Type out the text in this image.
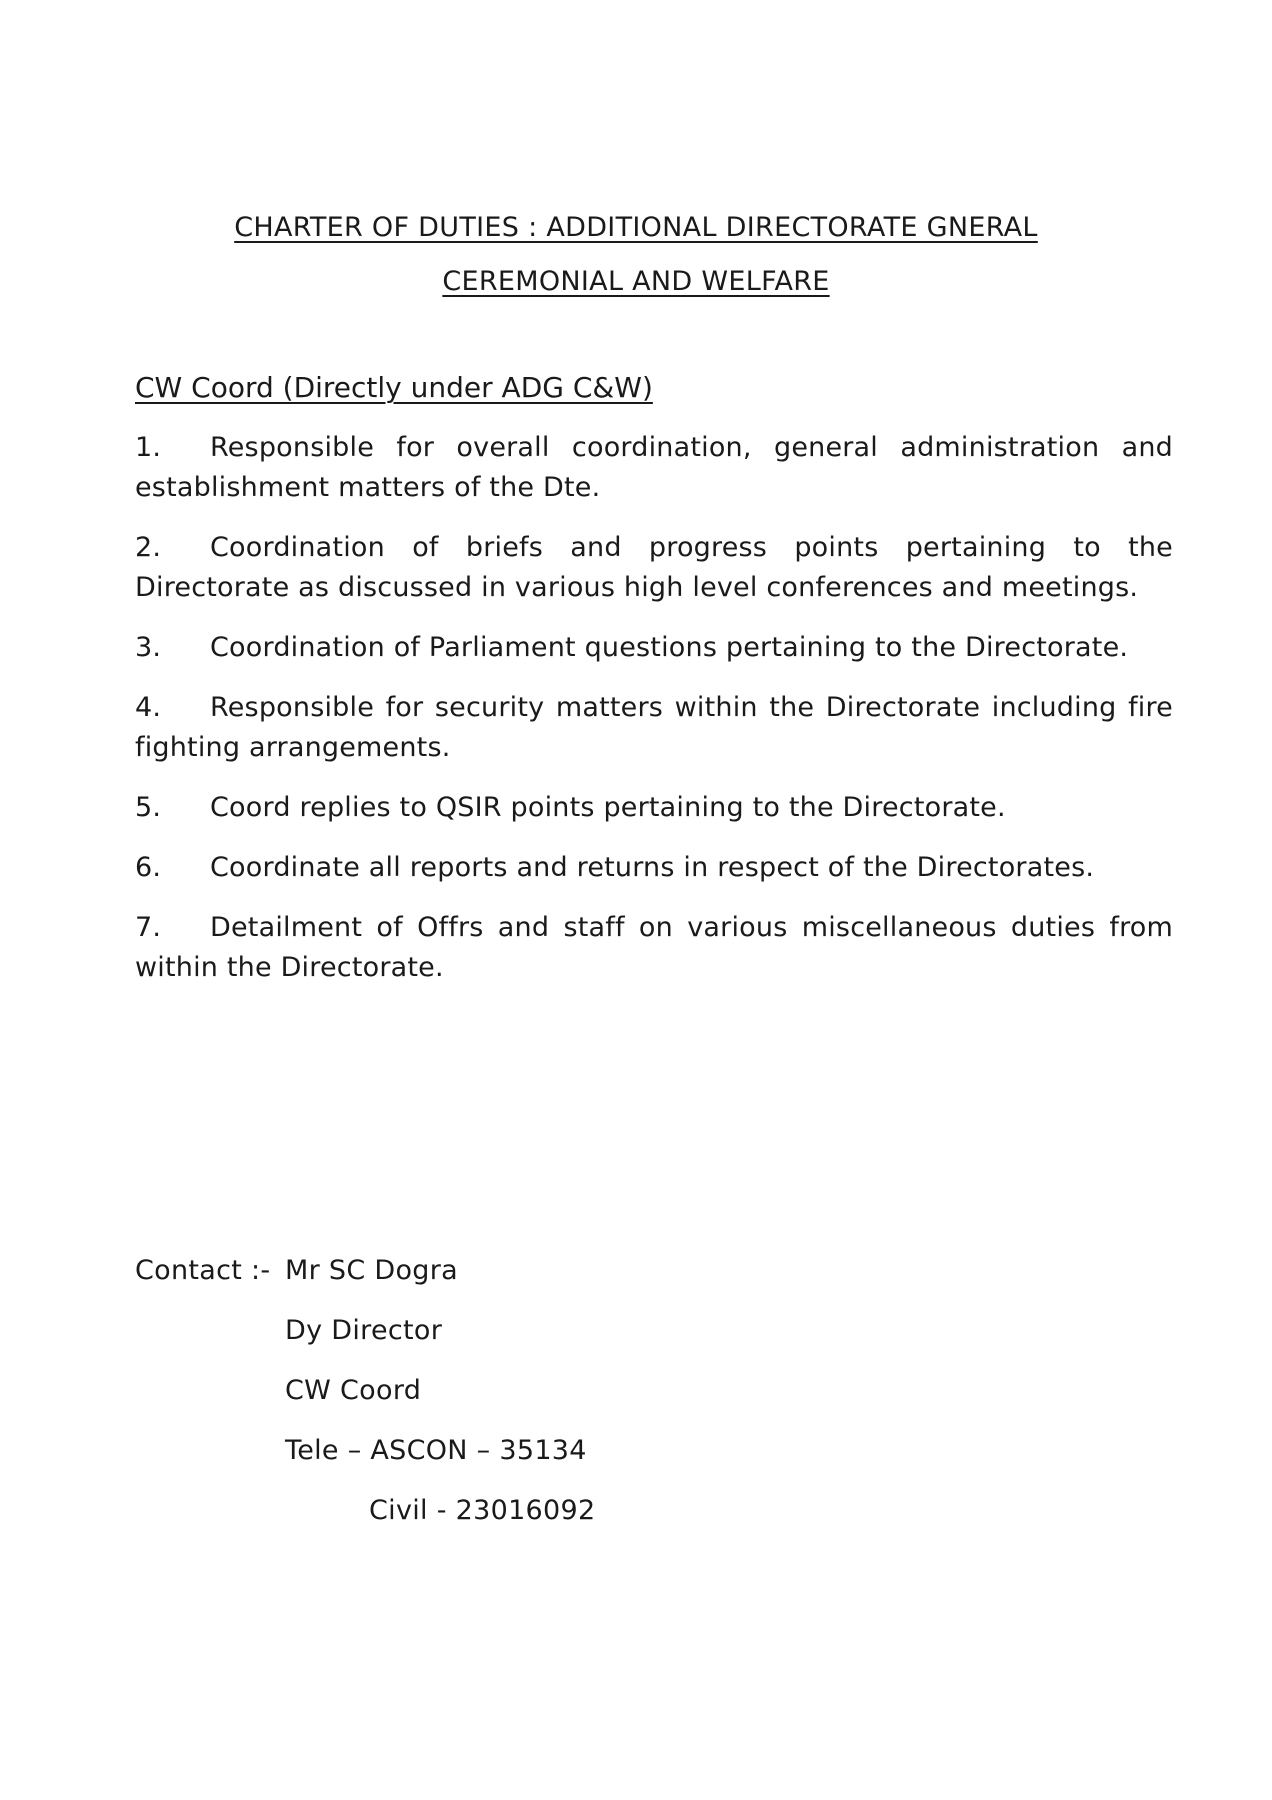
CHARTER OF DUTIES : ADDITIONAL DIRECTORATE GNERAL
CEREMONIAL AND WELFARE
CW Coord (Directly under ADG C&W)
1. Responsible for overall coordination, general administration and establishment matters of the Dte.
2. Coordination of briefs and progress points pertaining to the Directorate as discussed in various high level conferences and meetings.
3. Coordination of Parliament questions pertaining to the Directorate.
4. Responsible for security matters within the Directorate including fire fighting arrangements.
5. Coord replies to QSIR points pertaining to the Directorate.
6. Coordinate all reports and returns in respect of the Directorates.
7. Detailment of Offrs and staff on various miscellaneous duties from within the Directorate.
Contact :- Mr SC Dogra
Dy Director
CW Coord
Tele – ASCON – 35134
Civil - 23016092
